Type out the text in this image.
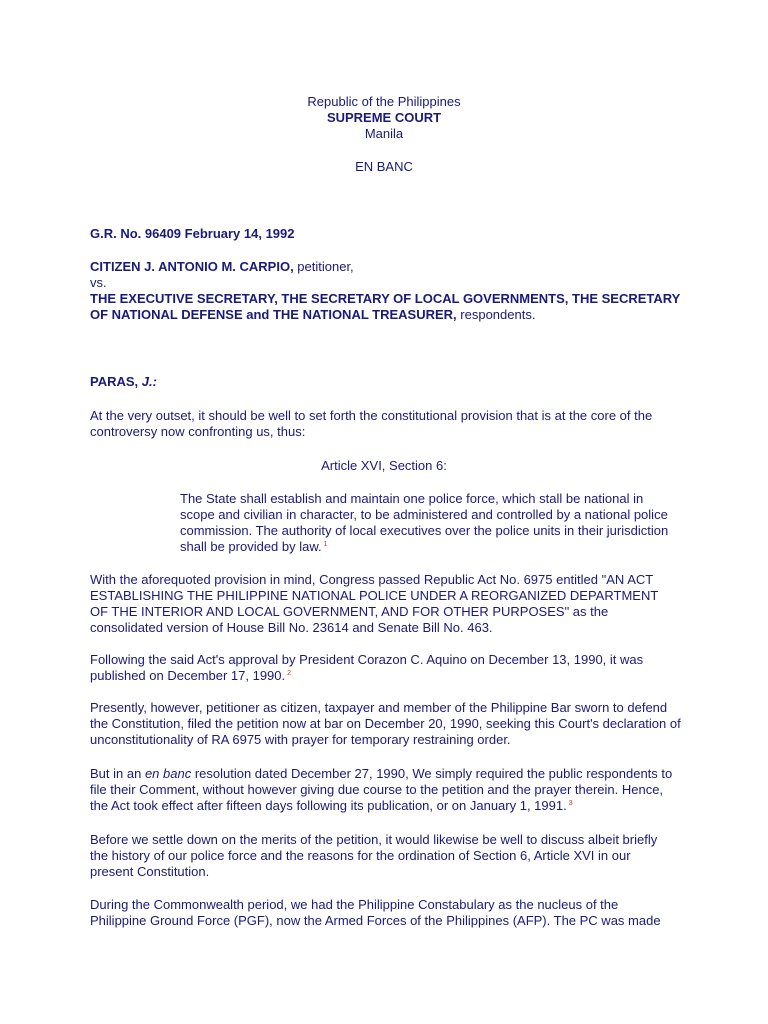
Republic of the Philippines
SUPREME COURT
Manila
EN BANC
G.R. No. 96409 February 14, 1992
CITIZEN J. ANTONIO M. CARPIO, petitioner,
vs.
THE EXECUTIVE SECRETARY, THE SECRETARY OF LOCAL GOVERNMENTS, THE SECRETARY OF NATIONAL DEFENSE and THE NATIONAL TREASURER, respondents.
PARAS, J.:

At the very outset, it should be well to set forth the constitutional provision that is at the core of the controversy now confronting us, thus:

Article XVI, Section 6:

The State shall establish and maintain one police force, which stall be national in scope and civilian in character, to be administered and controlled by a national police commission. The authority of local executives over the police units in their jurisdiction shall be provided by law. $^1$

With the aforequoted provision in mind, Congress passed Republic Act No. 6975 entitled "AN ACT ESTABLISHING THE PHILIPPINE NATIONAL POLICE UNDER A REORGANIZED DEPARTMENT OF THE INTERIOR AND LOCAL GOVERNMENT, AND FOR OTHER PURPOSES" as the consolidated version of House Bill No. 23614 and Senate Bill No. 463.

Following the said Act's approval by President Corazon C. Aquino on December 13, 1990, it was published on December 17, 1990. $^2$

Presently, however, petitioner as citizen, taxpayer and member of the Philippine Bar sworn to defend the Constitution, filed the petition now at bar on December 20, 1990, seeking this Court's declaration of unconstitutionality of RA 6975 with prayer for temporary restraining order.

But in an en banc resolution dated December 27, 1990, We simply required the public respondents to file their Comment, without however giving due course to the petition and the prayer therein. Hence, the Act took effect after fifteen days following its publication, or on January 1, 1991. $^3$

Before we settle down on the merits of the petition, it would likewise be well to discuss albeit briefly the history of our police force and the reasons for the ordination of Section 6, Article XVI in our present Constitution.

During the Commonwealth period, we had the Philippine Constabulary as the nucleus of the Philippine Ground Force (PGF), now the Armed Forces of the Philippines (AFP). The PC was made
